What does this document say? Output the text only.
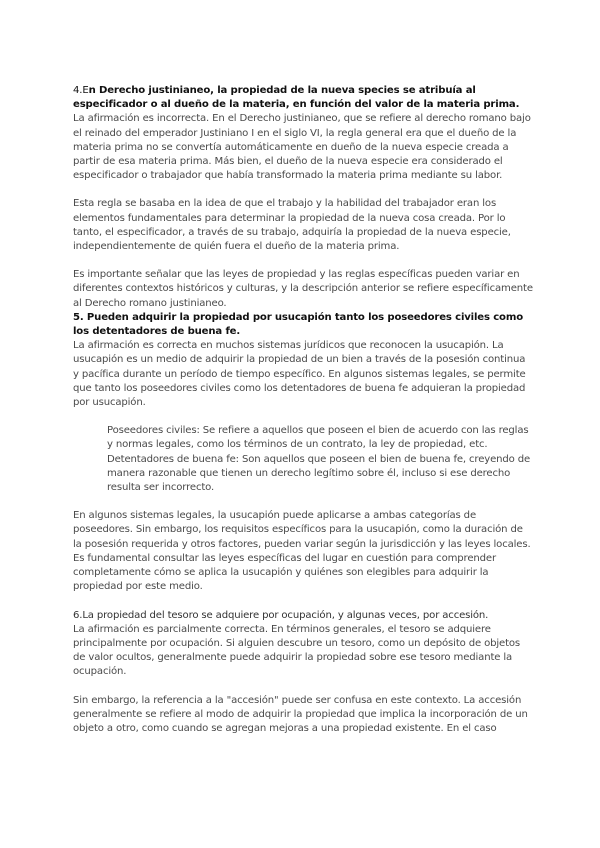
4.En Derecho justinianeo, la propiedad de la nueva species se atribuía al especificador o al dueño de la materia, en función del valor de la materia prima.

La afirmación es incorrecta. En el Derecho justinianeo, que se refiere al derecho romano bajo el reinado del emperador Justiniano I en el siglo VI, la regla general era que el dueño de la materia prima no se convertía automáticamente en dueño de la nueva especie creada a partir de esa materia prima. Más bien, el dueño de la nueva especie era considerado el especificador o trabajador que había transformado la materia prima mediante su labor.

Esta regla se basaba en la idea de que el trabajo y la habilidad del trabajador eran los elementos fundamentales para determinar la propiedad de la nueva cosa creada. Por lo tanto, el especificador, a través de su trabajo, adquiría la propiedad de la nueva especie, independientemente de quién fuera el dueño de la materia prima.

Es importante señalar que las leyes de propiedad y las reglas específicas pueden variar en diferentes contextos históricos y culturas, y la descripción anterior se refiere específicamente al Derecho romano justinianeo.

5. Pueden adquirir la propiedad por usucapión tanto los poseedores civiles como los detentadores de buena fe.

La afirmación es correcta en muchos sistemas jurídicos que reconocen la usucapión. La usucapión es un medio de adquirir la propiedad de un bien a través de la posesión continua y pacífica durante un período de tiempo específico. En algunos sistemas legales, se permite que tanto los poseedores civiles como los detentadores de buena fe adquieran la propiedad por usucapión.

Poseedores civiles: Se refiere a aquellos que poseen el bien de acuerdo con las reglas y normas legales, como los términos de un contrato, la ley de propiedad, etc.

Detentadores de buena fe: Son aquellos que poseen el bien de buena fe, creyendo de manera razonable que tienen un derecho legítimo sobre él, incluso si ese derecho resulta ser incorrecto.

En algunos sistemas legales, la usucapión puede aplicarse a ambas categorías de poseedores. Sin embargo, los requisitos específicos para la usucapión, como la duración de la posesión requerida y otros factores, pueden variar según la jurisdicción y las leyes locales. Es fundamental consultar las leyes específicas del lugar en cuestión para comprender completamente cómo se aplica la usucapión y quiénes son elegibles para adquirir la propiedad por este medio.

6.La propiedad del tesoro se adquiere por ocupación, y algunas veces, por accesión.

La afirmación es parcialmente correcta. En términos generales, el tesoro se adquiere principalmente por ocupación. Si alguien descubre un tesoro, como un depósito de objetos de valor ocultos, generalmente puede adquirir la propiedad sobre ese tesoro mediante la ocupación.

Sin embargo, la referencia a la "accesión" puede ser confusa en este contexto. La accesión generalmente se refiere al modo de adquirir la propiedad que implica la incorporación de un objeto a otro, como cuando se agregan mejoras a una propiedad existente. En el caso
